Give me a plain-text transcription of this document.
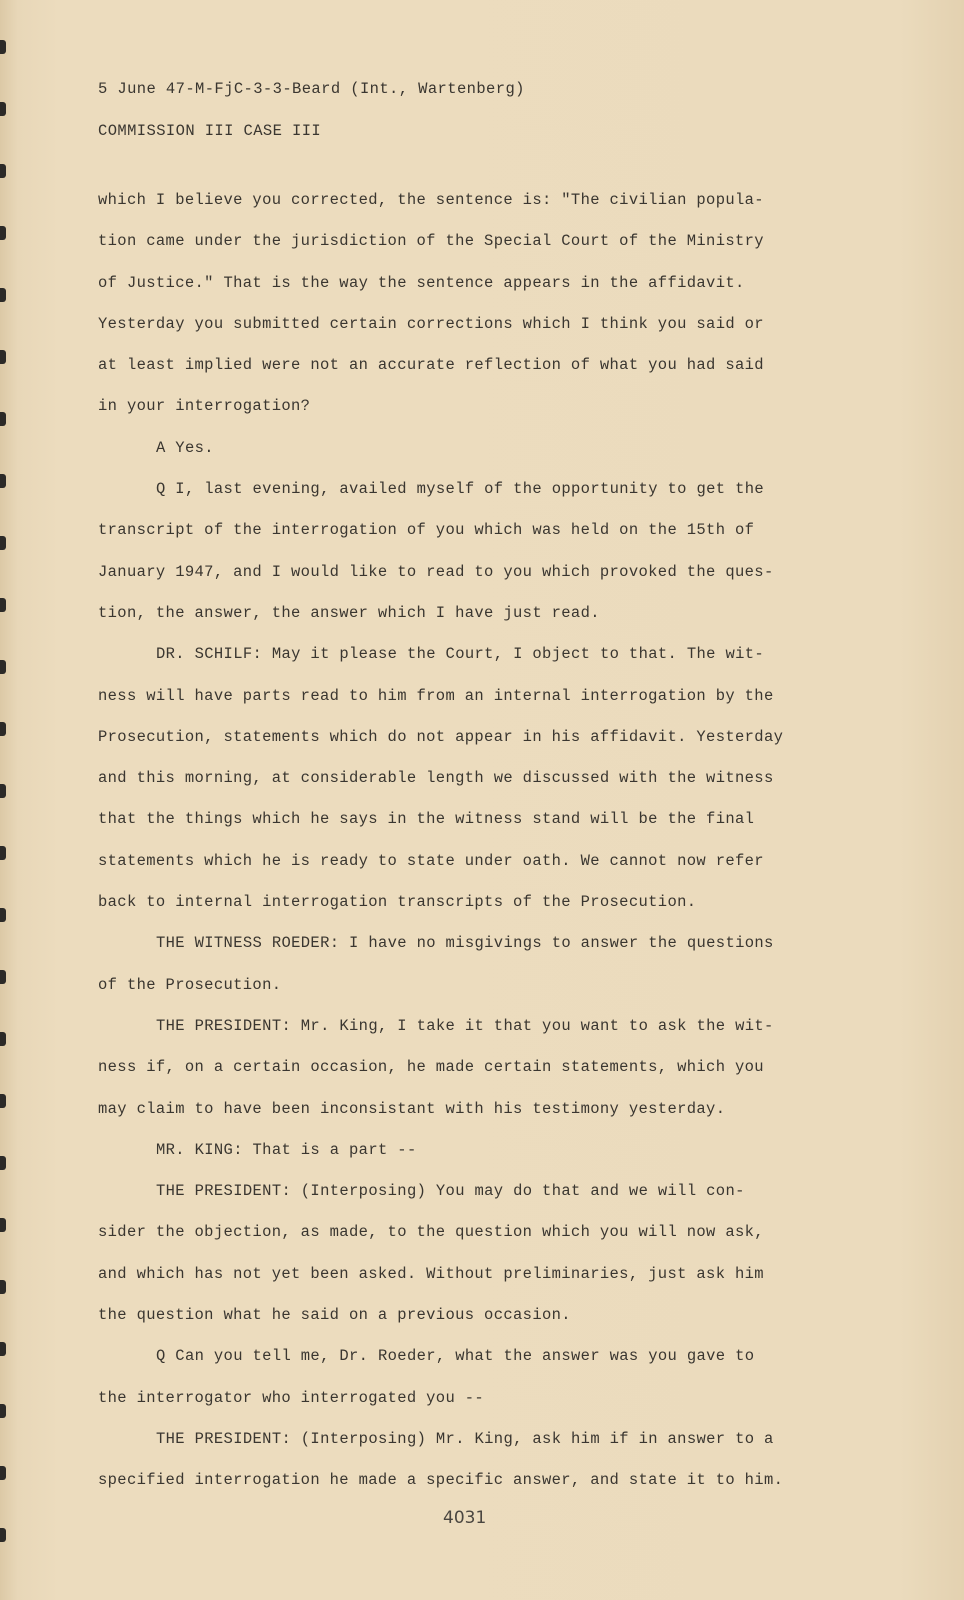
5 June 47-M-FjC-3-3-Beard (Int., Wartenberg)
COMMISSION III CASE III
which I believe you corrected, the sentence is: "The civilian popula-
tion came under the jurisdiction of the Special Court of the Ministry
of Justice." That is the way the sentence appears in the affidavit.
Yesterday you submitted certain corrections which I think you said or
at least implied were not an accurate reflection of what you had said
in your interrogation?
A Yes.
Q I, last evening, availed myself of the opportunity to get the
transcript of the interrogation of you which was held on the 15th of
January 1947, and I would like to read to you which provoked the ques-
tion, the answer, the answer which I have just read.
DR. SCHILF: May it please the Court, I object to that. The wit-
ness will have parts read to him from an internal interrogation by the
Prosecution, statements which do not appear in his affidavit. Yesterday
and this morning, at considerable length we discussed with the witness
that the things which he says in the witness stand will be the final
statements which he is ready to state under oath. We cannot now refer
back to internal interrogation transcripts of the Prosecution.
THE WITNESS ROEDER: I have no misgivings to answer the questions
of the Prosecution.
THE PRESIDENT: Mr. King, I take it that you want to ask the wit-
ness if, on a certain occasion, he made certain statements, which you
may claim to have been inconsistant with his testimony yesterday.
MR. KING: That is a part --
THE PRESIDENT: (Interposing) You may do that and we will con-
sider the objection, as made, to the question which you will now ask,
and which has not yet been asked. Without preliminaries, just ask him
the question what he said on a previous occasion.
Q Can you tell me, Dr. Roeder, what the answer was you gave to
the interrogator who interrogated you --
THE PRESIDENT: (Interposing) Mr. King, ask him if in answer to a
specified interrogation he made a specific answer, and state it to him.
4031
